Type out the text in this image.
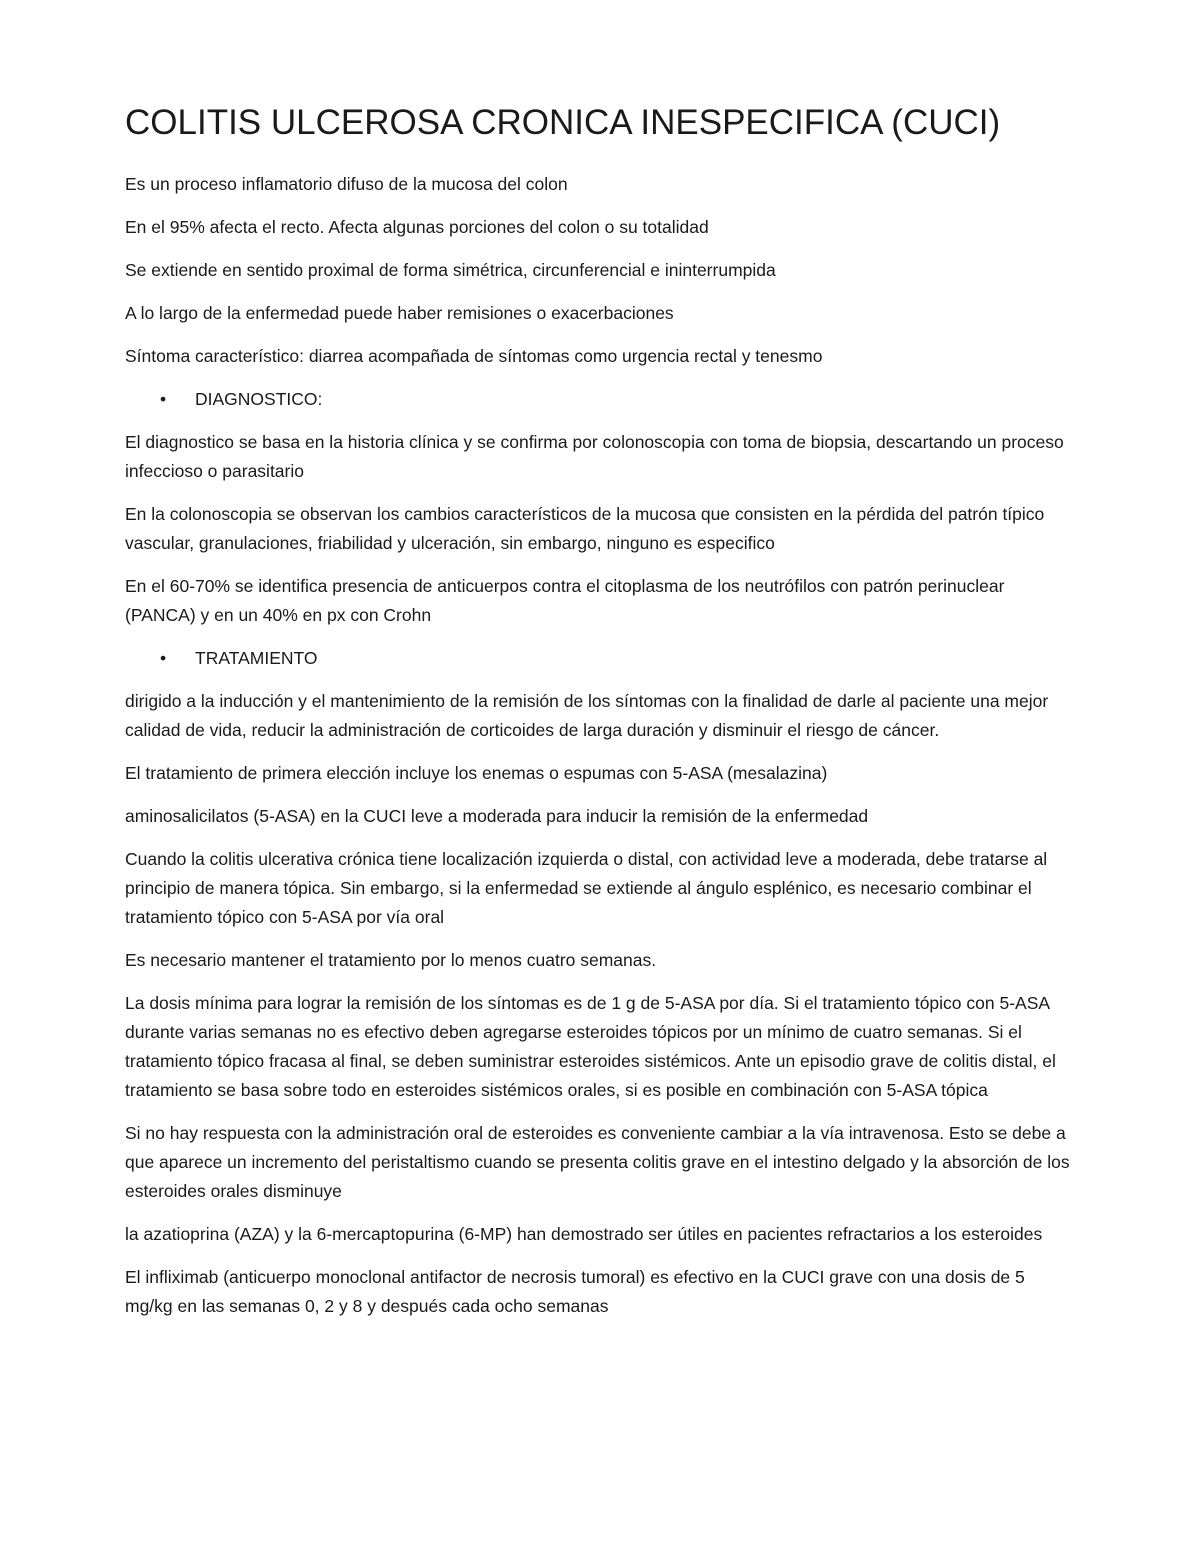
COLITIS ULCEROSA CRONICA INESPECIFICA (CUCI)

Es un proceso inflamatorio difuso de la mucosa del colon

En el 95% afecta el recto. Afecta algunas porciones del colon o su totalidad

Se extiende en sentido proximal de forma simétrica, circunferencial e ininterrumpida

A lo largo de la enfermedad puede haber remisiones o exacerbaciones

Síntoma característico: diarrea acompañada de síntomas como urgencia rectal y tenesmo

• DIAGNOSTICO:

El diagnostico se basa en la historia clínica y se confirma por colonoscopia con toma de biopsia, descartando un proceso infeccioso o parasitario

En la colonoscopia se observan los cambios característicos de la mucosa que consisten en la pérdida del patrón típico vascular, granulaciones, friabilidad y ulceración, sin embargo, ninguno es especifico

En el 60-70% se identifica presencia de anticuerpos contra el citoplasma de los neutrófilos con patrón perinuclear (PANCA) y en un 40% en px con Crohn

• TRATAMIENTO

dirigido a la inducción y el mantenimiento de la remisión de los síntomas con la finalidad de darle al paciente una mejor calidad de vida, reducir la administración de corticoides de larga duración y disminuir el riesgo de cáncer.

El tratamiento de primera elección incluye los enemas o espumas con 5-ASA (mesalazina)

aminosalicilatos (5-ASA) en la CUCI leve a moderada para inducir la remisión de la enfermedad

Cuando la colitis ulcerativa crónica tiene localización izquierda o distal, con actividad leve a moderada, debe tratarse al principio de manera tópica. Sin embargo, si la enfermedad se extiende al ángulo esplénico, es necesario combinar el tratamiento tópico con 5-ASA por vía oral

Es necesario mantener el tratamiento por lo menos cuatro semanas.

La dosis mínima para lograr la remisión de los síntomas es de 1 g de 5-ASA por día. Si el tratamiento tópico con 5-ASA durante varias semanas no es efectivo deben agregarse esteroides tópicos por un mínimo de cuatro semanas. Si el tratamiento tópico fracasa al final, se deben suministrar esteroides sistémicos. Ante un episodio grave de colitis distal, el tratamiento se basa sobre todo en esteroides sistémicos orales, si es posible en combinación con 5-ASA tópica

Si no hay respuesta con la administración oral de esteroides es conveniente cambiar a la vía intravenosa. Esto se debe a que aparece un incremento del peristaltismo cuando se presenta colitis grave en el intestino delgado y la absorción de los esteroides orales disminuye

la azatioprina (AZA) y la 6-mercaptopurina (6-MP) han demostrado ser útiles en pacientes refractarios a los esteroides

El infliximab (anticuerpo monoclonal antifactor de necrosis tumoral) es efectivo en la CUCI grave con una dosis de 5 mg/kg en las semanas 0, 2 y 8 y después cada ocho semanas
